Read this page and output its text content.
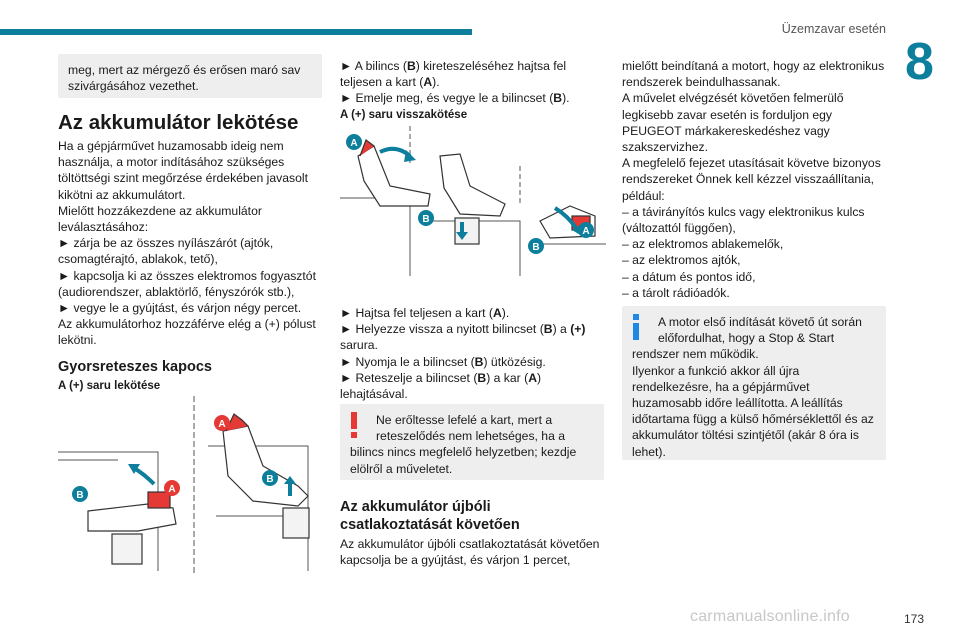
Üzemzavar esetén
8
meg, mert az mérgező és erősen maró sav
szivárgásához vezethet.
Az akkumulátor lekötése
Ha a gépjárművet huzamosabb ideig nem
használja, a motor indításához szükséges
töltöttségi szint megőrzése érdekében javasolt
kikötni az akkumulátort.
Mielőtt hozzákezdene az akkumulátor
leválasztásához:
► zárja be az összes nyílászárót (ajtók,
csomagtérajtó, ablakok, tető),
► kapcsolja ki az összes elektromos fogyasztót
(audiorendszer, ablaktörlő, fényszórók stb.),
► vegye le a gyújtást, és várjon négy percet.
Az akkumulátorhoz hozzáférve elég a (+) pólust
lekötni.
Gyorsreteszes kapocs
A (+) saru lekötése
A
B
A
B
► A bilincs (B) kireteszeléséhez hajtsa fel
teljesen a kart (A).
► Emelje meg, és vegye le a bilincset (B).
A (+) saru visszakötése
A
B
B
A
► Hajtsa fel teljesen a kart (A).
► Helyezze vissza a nyitott bilincset (B) a (+)
sarura.
► Nyomja le a bilincset (B) ütközésig.
► Reteszelje a bilincset (B) a kar (A)
lehajtásával.
Ne erőltesse lefelé a kart, mert a
reteszelődés nem lehetséges, ha a
bilincs nincs megfelelő helyzetben; kezdje
elölről a műveletet.
Az akkumulátor újbóli
csatlakoztatását követően
Az akkumulátor újbóli csatlakoztatását követően
kapcsolja be a gyújtást, és várjon 1 percet,
mielőtt beindítaná a motort, hogy az elektronikus
rendszerek beindulhassanak.
A művelet elvégzését követően felmerülő
legkisebb zavar esetén is forduljon egy
PEUGEOT márkakereskedéshez vagy
szakszervizhez.
A megfelelő fejezet utasításait követve bizonyos
rendszereket Önnek kell kézzel visszaállítania,
például:
– a távirányítós kulcs vagy elektronikus kulcs
(változattól függően),
– az elektromos ablakemelők,
– az elektromos ajtók,
– a dátum és pontos idő,
– a tárolt rádióadók.
A motor első indítását követő út során
előfordulhat, hogy a Stop & Start
rendszer nem működik.
Ilyenkor a funkció akkor áll újra
rendelkezésre, ha a gépjárművet
huzamosabb időre leállította. A leállítás
időtartama függ a külső hőmérséklettől és az
akkumulátor töltési szintjétől (akár 8 óra is
lehet).
carmanualsonline.info	173
